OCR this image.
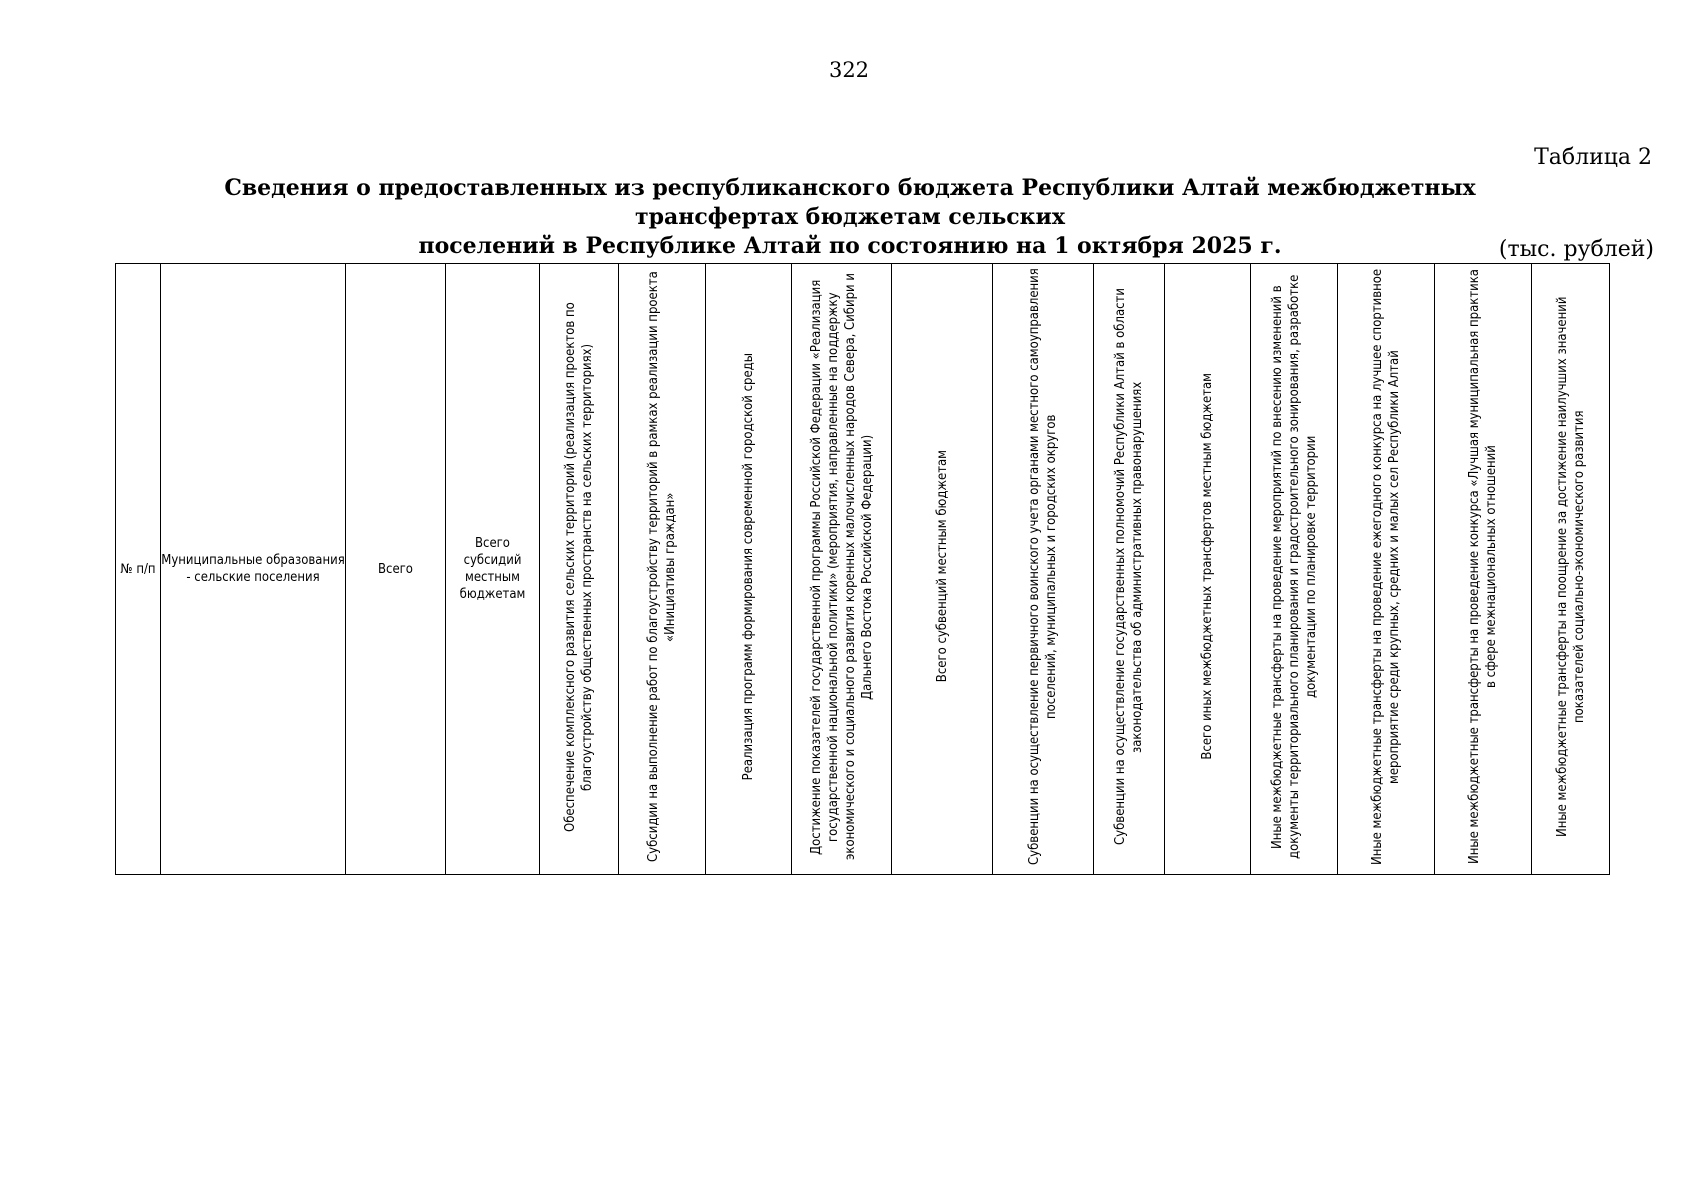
322
Таблица 2
Сведения о предоставленных из республиканского бюджета Республики Алтай межбюджетных трансфертах бюджетам сельских
поселений в Республике Алтай по состоянию на 1 октября 2025 г.	(тыс. рублей)
№ п/п	Муниципальные образования - сельские поселения	Всего	Всего субсидий местным бюджетам	Обеспечение комплексного развития сельских территорий (реализация проектов по благоустройству общественных пространств на сельских территориях)	Субсидии на выполнение работ по благоустройству территорий в рамках реализации проекта «Инициативы граждан»	Реализация программ формирования современной городской среды	Достижение показателей государственной программы Российской Федерации «Реализация государственной национальной политики» (мероприятия, направленные на поддержку экономического и социального развития коренных малочисленных народов Севера, Сибири и Дальнего Востока Российской Федерации)	Всего субвенций местным бюджетам	Субвенции на осуществление первичного воинского учета органами местного самоуправления поселений, муниципальных и городских округов	Субвенции на осуществление государственных полномочий Республики Алтай в области законодательства об административных правонарушениях	Всего иных межбюджетных трансфертов местным бюджетам	Иные межбюджетные трансферты на проведение мероприятий по внесению изменений в документы территориального планирования и градостроительного зонирования, разработке документации по планировке территории	Иные межбюджетные трансферты на проведение ежегодного конкурса на лучшее спортивное мероприятие среди крупных, средних и малых сел Республики Алтай	Иные межбюджетные трансферты на проведение конкурса «Лучшая муниципальная практика в сфере межнациональных отношений	Иные межбюджетные трансферты на поощрение за достижение наилучших значений показателей социально-экономического развития
